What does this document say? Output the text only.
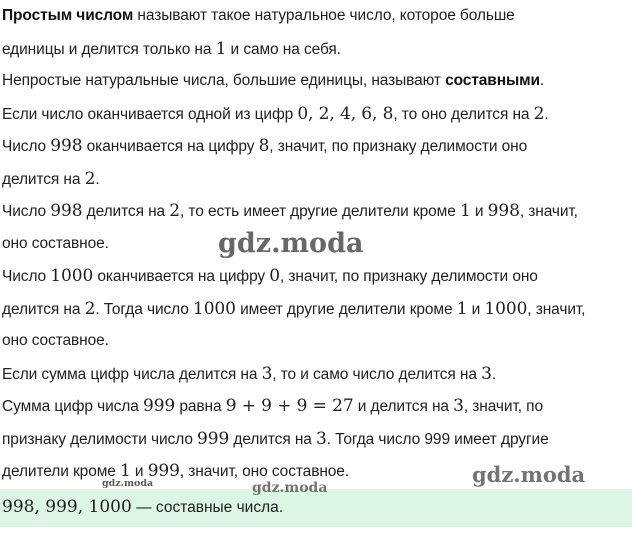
Простым числом называют такое натуральное число, которое больше
единицы и делится только на 1 и само на себя.
Непростые натуральные числа, большие единицы, называют составными.
Если число оканчивается одной из цифр 0, 2, 4, 6, 8, то оно делится на 2.
Число 998 оканчивается на цифру 8, значит, по признаку делимости оно
делится на 2.
Число 998 делится на 2, то есть имеет другие делители кроме 1 и 998, значит,
оно составное.
Число 1000 оканчивается на цифру 0, значит, по признаку делимости оно
делится на 2. Тогда число 1000 имеет другие делители кроме 1 и 1000, значит,
оно составное.
Если сумма цифр числа делится на 3, то и само число делится на 3.
Сумма цифр числа 999 равна 9 + 9 + 9 = 27 и делится на 3, значит, по
признаку делимости число 999 делится на 3. Тогда число 999 имеет другие
делители кроме 1 и 999, значит, оно составное.
998, 999, 1000 — составные числа.
gdz.moda
gdz.moda
gdz.moda	gdz.moda
